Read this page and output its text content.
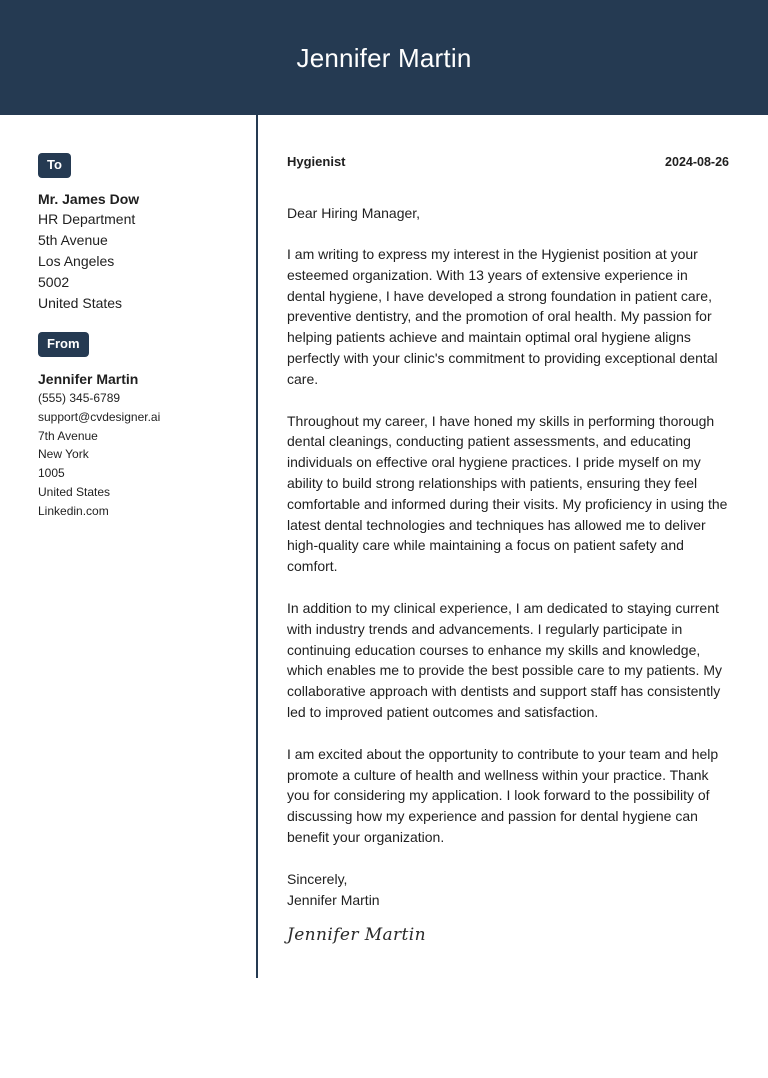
Jennifer Martin
To
Mr. James Dow
HR Department
5th Avenue
Los Angeles
5002
United States
From
Jennifer Martin
(555) 345-6789
support@cvdesigner.ai
7th Avenue
New York
1005
United States
Linkedin.com
Hygienist	2024-08-26
Dear Hiring Manager,
I am writing to express my interest in the Hygienist position at your esteemed organization. With 13 years of extensive experience in dental hygiene, I have developed a strong foundation in patient care, preventive dentistry, and the promotion of oral health. My passion for helping patients achieve and maintain optimal oral hygiene aligns perfectly with your clinic's commitment to providing exceptional dental care.
Throughout my career, I have honed my skills in performing thorough dental cleanings, conducting patient assessments, and educating individuals on effective oral hygiene practices. I pride myself on my ability to build strong relationships with patients, ensuring they feel comfortable and informed during their visits. My proficiency in using the latest dental technologies and techniques has allowed me to deliver high-quality care while maintaining a focus on patient safety and comfort.
In addition to my clinical experience, I am dedicated to staying current with industry trends and advancements. I regularly participate in continuing education courses to enhance my skills and knowledge, which enables me to provide the best possible care to my patients. My collaborative approach with dentists and support staff has consistently led to improved patient outcomes and satisfaction.
I am excited about the opportunity to contribute to your team and help promote a culture of health and wellness within your practice. Thank you for considering my application. I look forward to the possibility of discussing how my experience and passion for dental hygiene can benefit your organization.
Sincerely,
Jennifer Martin
Jennifer Martin
